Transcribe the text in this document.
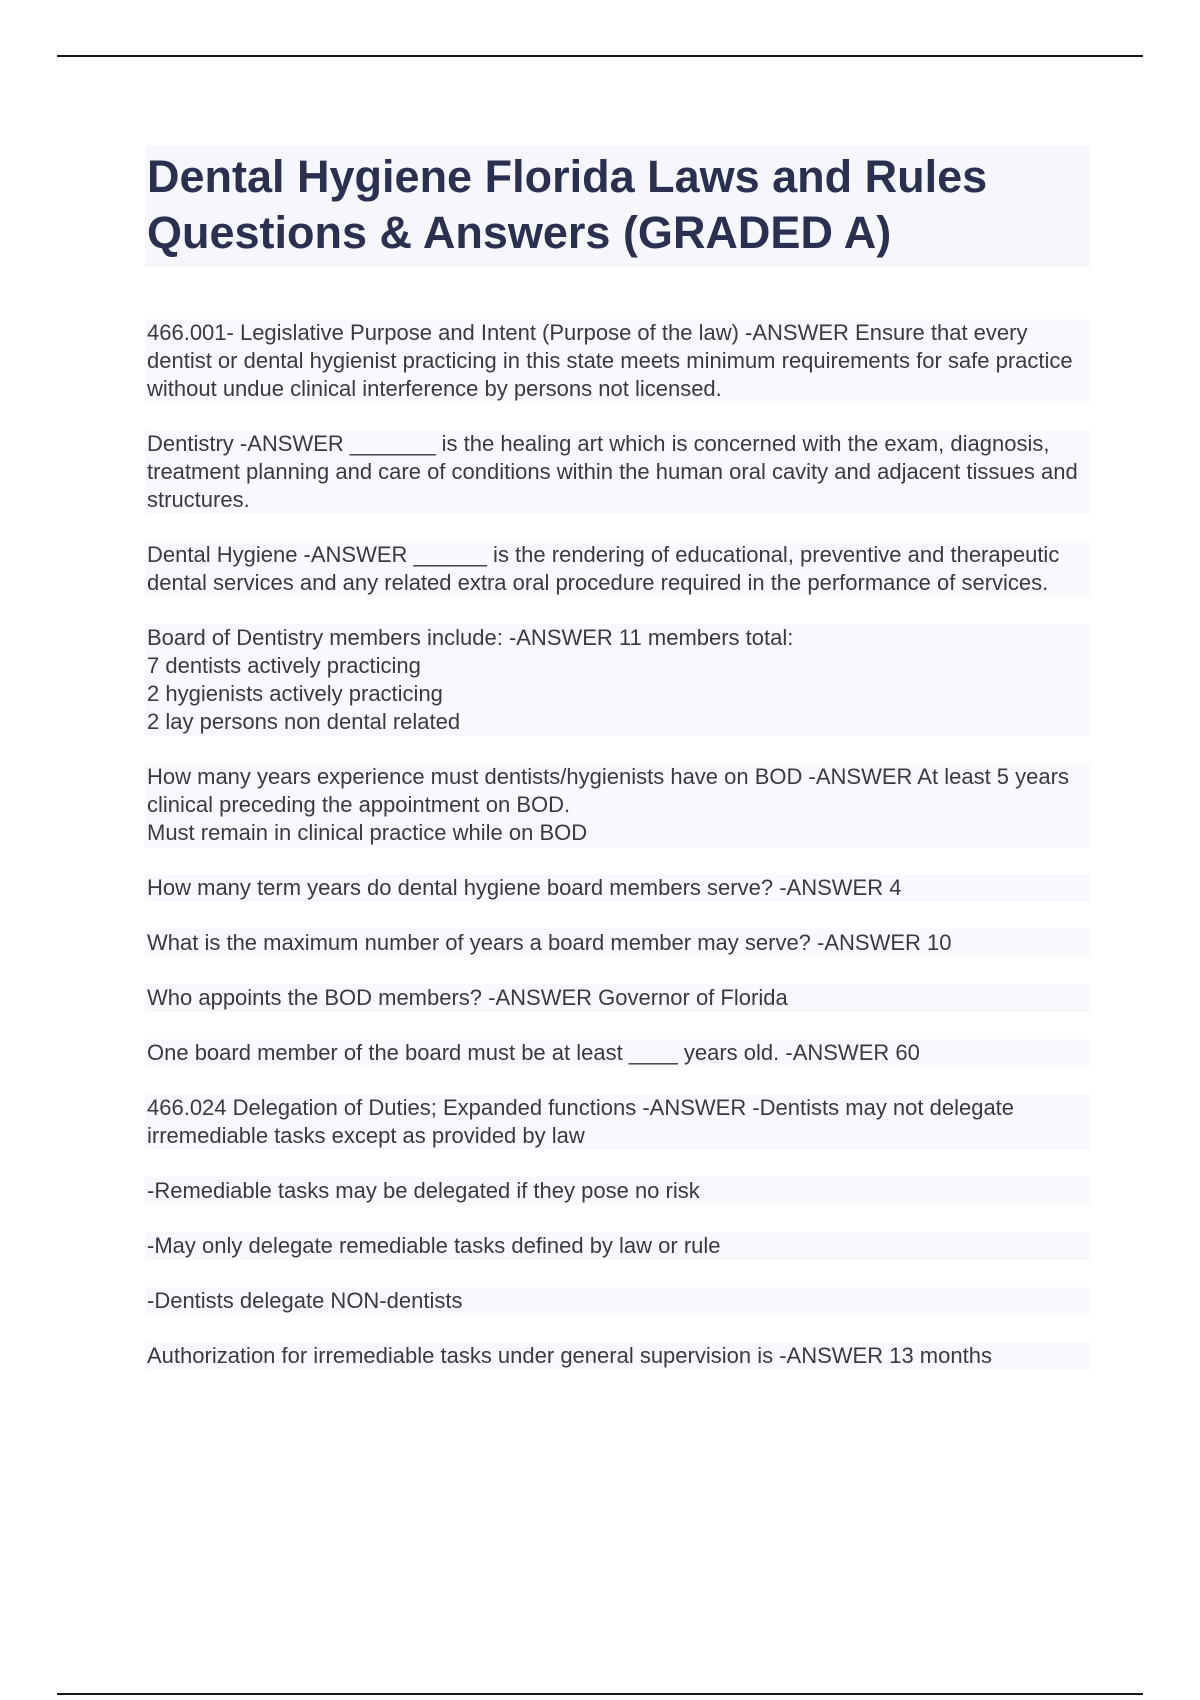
Dental Hygiene Florida Laws and Rules Questions & Answers (GRADED A)

466.001- Legislative Purpose and Intent (Purpose of the law) -ANSWER Ensure that every dentist or dental hygienist practicing in this state meets minimum requirements for safe practice without undue clinical interference by persons not licensed.

Dentistry -ANSWER _______ is the healing art which is concerned with the exam, diagnosis, treatment planning and care of conditions within the human oral cavity and adjacent tissues and structures.

Dental Hygiene -ANSWER ______ is the rendering of educational, preventive and therapeutic dental services and any related extra oral procedure required in the performance of services.

Board of Dentistry members include: -ANSWER 11 members total:
7 dentists actively practicing
2 hygienists actively practicing
2 lay persons non dental related

How many years experience must dentists/hygienists have on BOD -ANSWER At least 5 years clinical preceding the appointment on BOD.
Must remain in clinical practice while on BOD

How many term years do dental hygiene board members serve? -ANSWER 4

What is the maximum number of years a board member may serve? -ANSWER 10

Who appoints the BOD members? -ANSWER Governor of Florida

One board member of the board must be at least ____ years old. -ANSWER 60

466.024 Delegation of Duties; Expanded functions -ANSWER -Dentists may not delegate irremediable tasks except as provided by law

-Remediable tasks may be delegated if they pose no risk

-May only delegate remediable tasks defined by law or rule

-Dentists delegate NON-dentists

Authorization for irremediable tasks under general supervision is -ANSWER 13 months
